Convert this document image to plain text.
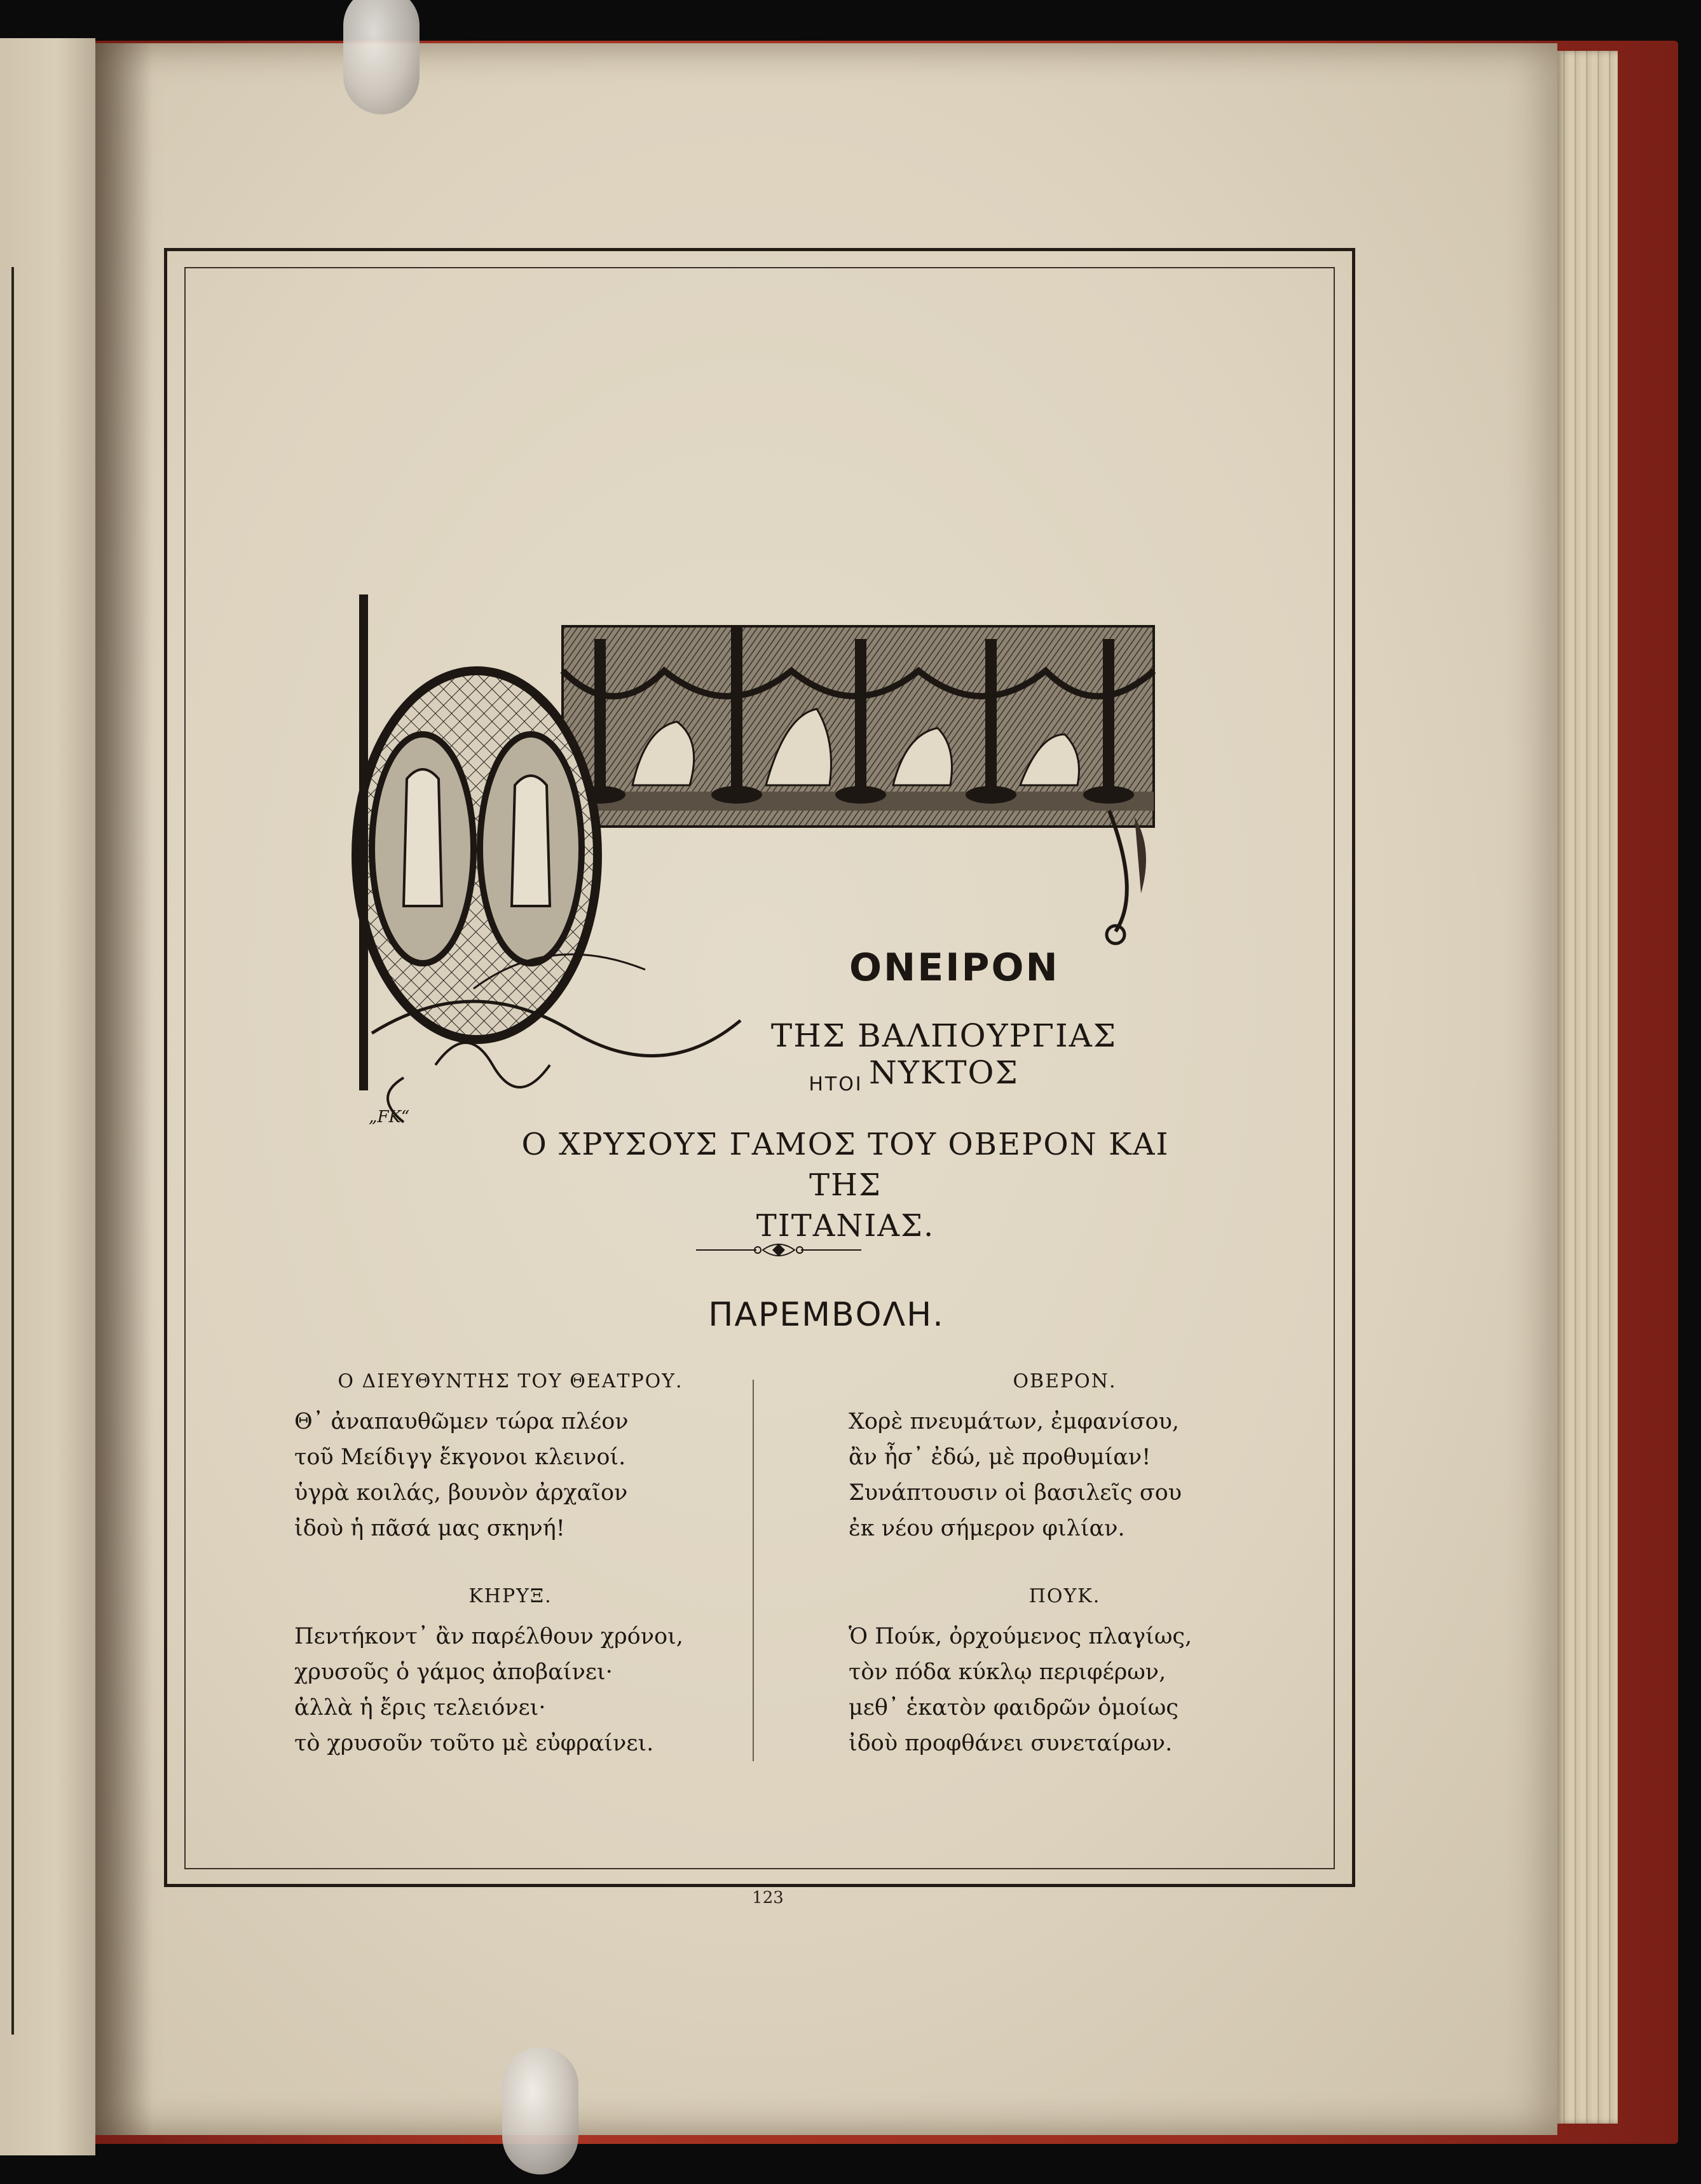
„FK“
ΟΝΕΙΡΟΝ
ΤΗΣ ΒΑΛΠΟΥΡΓΙΑΣ ΝΥΚΤΟΣ
ΗΤΟΙ
Ο ΧΡΥΣΟΥΣ ΓΑΜΟΣ ΤΟΥ ΟΒΕΡΟΝ ΚΑΙ ΤΗΣ
ΤΙΤΑΝΙΑΣ.
ΠΑΡΕΜΒΟΛΗ.

Ο ΔΙΕΥΘΥΝΤΗΣ ΤΟΥ ΘΕΑΤΡΟΥ.

Θ᾿ ἀναπαυθῶμεν τώρα πλέον
τοῦ Μείδιγγ ἔκγονοι κλεινοί.
ὑγρὰ κοιλάς, βουνὸν ἀρχαῖον
ἰδοὺ ἡ πᾶσά μας σκηνή!

ΚΗΡΥΞ.

Πεντήκοντ᾿ ἂν παρέλθουν χρόνοι,
χρυσοῦς ὁ γάμος ἀποβαίνει·
ἀλλὰ ἡ ἔρις τελειόνει·
τὸ χρυσοῦν τοῦτο μὲ εὐφραίνει.

ΟΒΕΡΟΝ.

Χορὲ πνευμάτων, ἐμφανίσου,
ἂν ἦσ᾿ ἐδώ, μὲ προθυμίαν!
Συνάπτουσιν οἱ βασιλεῖς σου
ἐκ νέου σήμερον φιλίαν.

ΠΟΥΚ.

Ὁ Πούκ, ὀρχούμενος πλαγίως,
τὸν πόδα κύκλῳ περιφέρων,
μεθ᾿ ἑκατὸν φαιδρῶν ὁμοίως
ἰδοὺ προφθάνει συνεταίρων.
123
